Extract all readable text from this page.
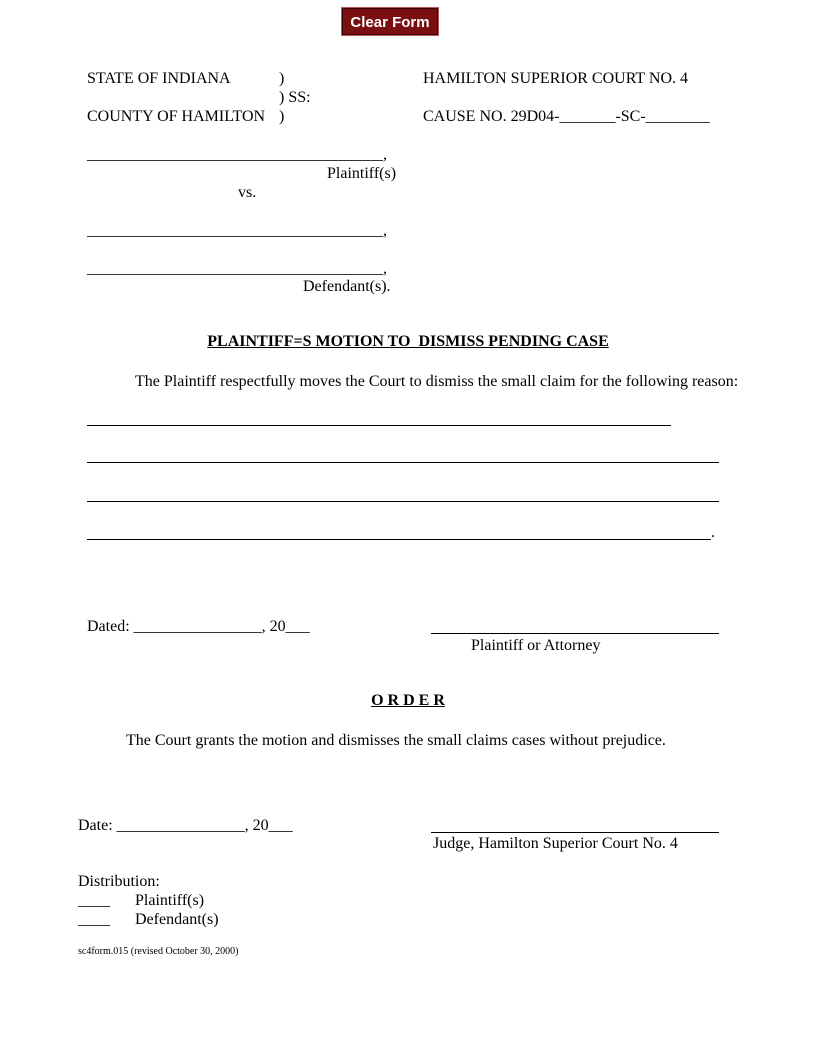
Clear Form
STATE OF INDIANA	)
) SS:
COUNTY OF HAMILTON )
HAMILTON SUPERIOR COURT NO. 4
CAUSE NO. 29D04-_______-SC-________
_____________________________________,
Plaintiff(s)
vs.
_____________________________________,
_____________________________________,
Defendant(s).
PLAINTIFF=S MOTION TO  DISMISS PENDING CASE
The Plaintiff respectfully moves the Court to dismiss the small claim for the following reason:
.
Dated: ________________, 20___
Plaintiff or Attorney
O R D E R
The Court grants the motion and dismisses the small claims cases without prejudice.
Date: ________________, 20___
Judge, Hamilton Superior Court No. 4
Distribution:
____ Plaintiff(s)
____ Defendant(s)
sc4form.015 (revised October 30, 2000)
